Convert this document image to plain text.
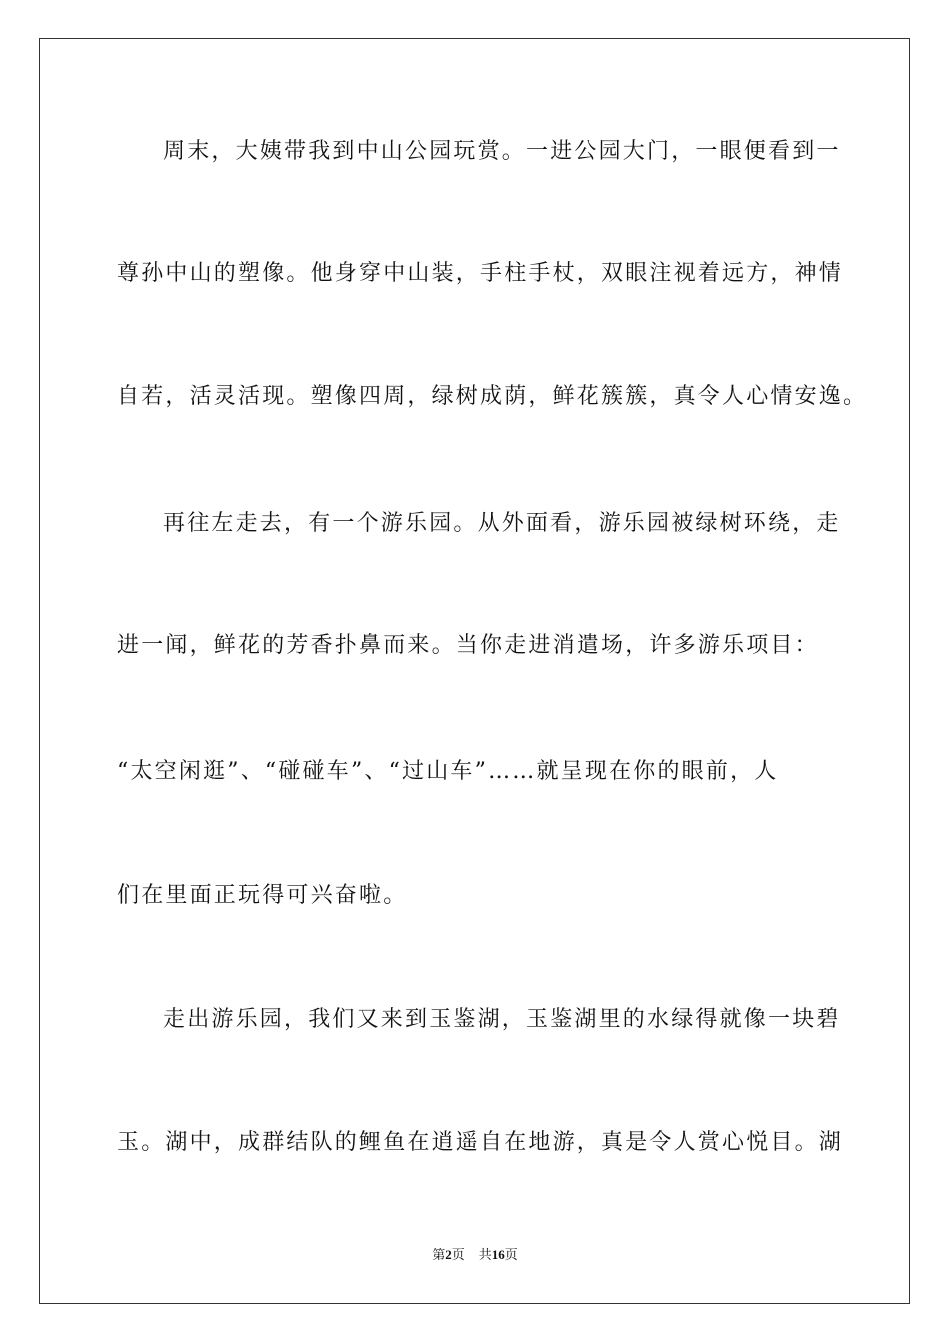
周末，大姨带我到中山公园玩赏。一进公园大门，一眼便看到一
尊孙中山的塑像。他身穿中山装，手柱手杖，双眼注视着远方，神情
自若，活灵活现。塑像四周，绿树成荫，鲜花簇簇，真令人心情安逸。
再往左走去，有一个游乐园。从外面看，游乐园被绿树环绕，走
进一闻，鲜花的芳香扑鼻而来。当你走进消遣场，许多游乐项目：
“太空闲逛”、“碰碰车”、“过山车”……就呈现在你的眼前，人
们在里面正玩得可兴奋啦。
走出游乐园，我们又来到玉鉴湖，玉鉴湖里的水绿得就像一块碧
玉。湖中，成群结队的鲤鱼在逍遥自在地游，真是令人赏心悦目。湖
第2页 共16页
